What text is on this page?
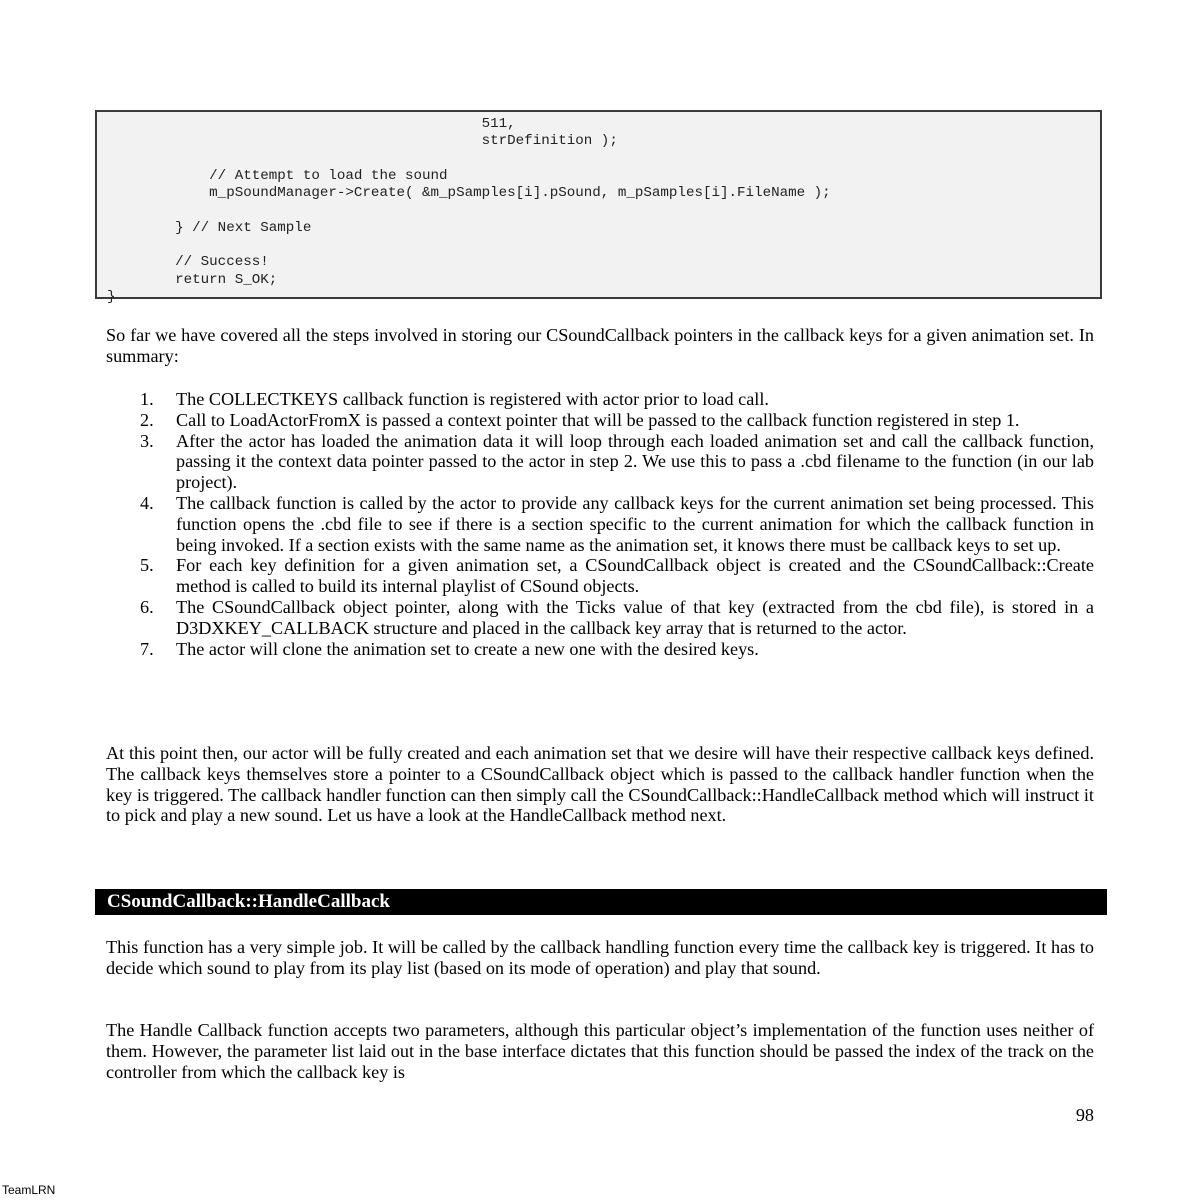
511,
strDefinition );

// Attempt to load the sound
m_pSoundManager->Create( &m_pSamples[i].pSound, m_pSamples[i].FileName );

} // Next Sample

// Success!
return S_OK;
}

So far we have covered all the steps involved in storing our CSoundCallback pointers in the callback keys for a given animation set. In summary:

1. The COLLECTKEYS callback function is registered with actor prior to load call.
2. Call to LoadActorFromX is passed a context pointer that will be passed to the callback function registered in step 1.
3. After the actor has loaded the animation data it will loop through each loaded animation set and call the callback function, passing it the context data pointer passed to the actor in step 2. We use this to pass a .cbd filename to the function (in our lab project).
4. The callback function is called by the actor to provide any callback keys for the current animation set being processed. This function opens the .cbd file to see if there is a section specific to the current animation for which the callback function in being invoked. If a section exists with the same name as the animation set, it knows there must be callback keys to set up.
5. For each key definition for a given animation set, a CSoundCallback object is created and the CSoundCallback::Create method is called to build its internal playlist of CSound objects.
6. The CSoundCallback object pointer, along with the Ticks value of that key (extracted from the cbd file), is stored in a D3DXKEY_CALLBACK structure and placed in the callback key array that is returned to the actor.
7. The actor will clone the animation set to create a new one with the desired keys.

At this point then, our actor will be fully created and each animation set that we desire will have their respective callback keys defined. The callback keys themselves store a pointer to a CSoundCallback object which is passed to the callback handler function when the key is triggered. The callback handler function can then simply call the CSoundCallback::HandleCallback method which will instruct it to pick and play a new sound. Let us have a look at the HandleCallback method next.

CSoundCallback::HandleCallback

This function has a very simple job. It will be called by the callback handling function every time the callback key is triggered. It has to decide which sound to play from its play list (based on its mode of operation) and play that sound.

The Handle Callback function accepts two parameters, although this particular object’s implementation of the function uses neither of them. However, the parameter list laid out in the base interface dictates that this function should be passed the index of the track on the controller from which the callback key is

98
TeamLRN
